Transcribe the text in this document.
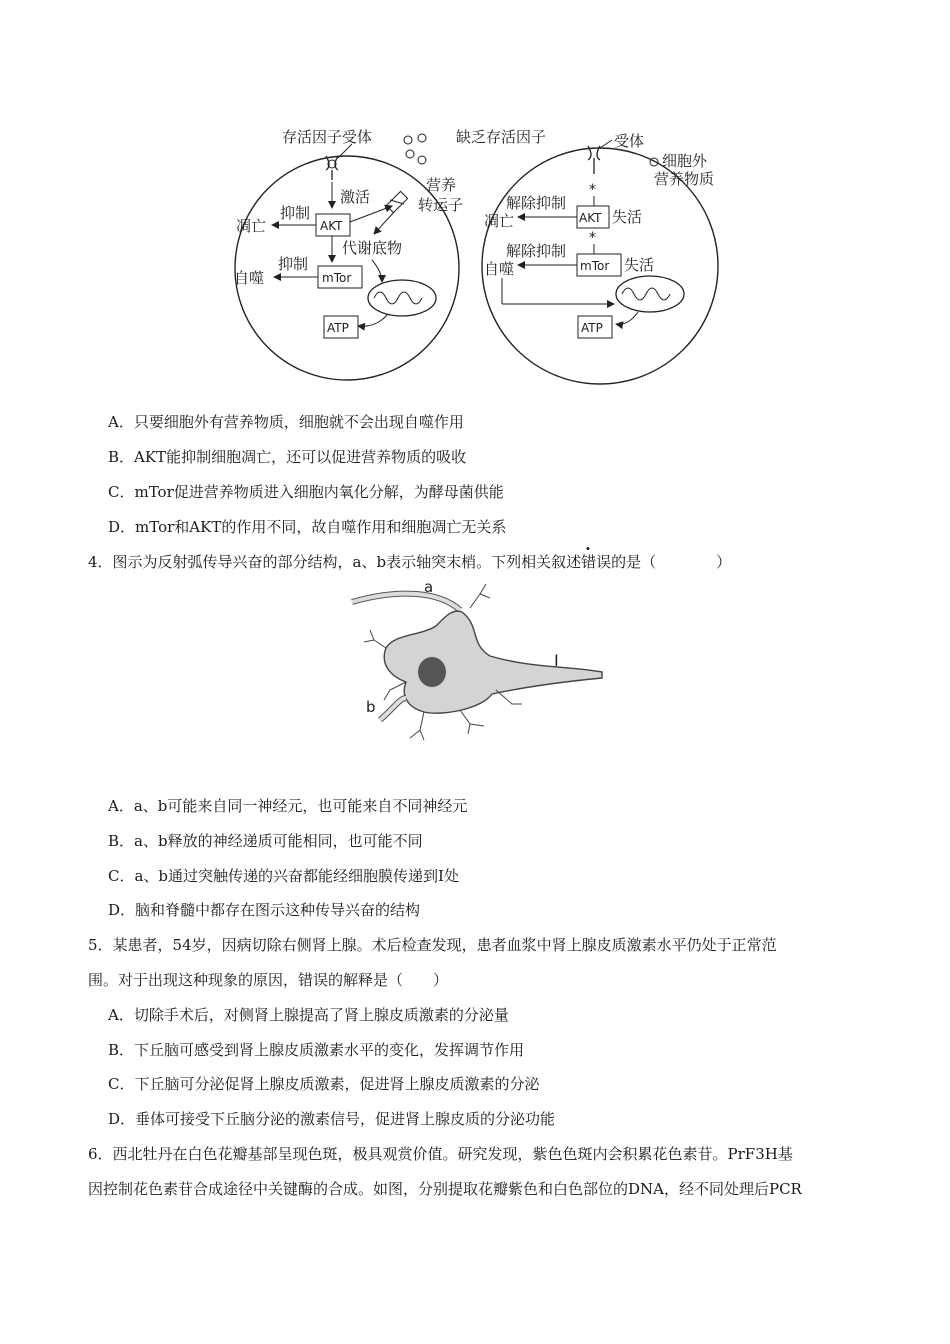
存活因子受体
激活
AKT
抑制
凋亡
mTor
抑制
自噬
营养
转运子
代谢底物
ATP
缺乏存活因子	受体
细胞外
营养物质
*
AKT 失活
解除抑制
凋亡
*
mTor 失活
解除抑制
自噬
ATP
A．只要细胞外有营养物质，细胞就不会出现自噬作用
B．AKT能抑制细胞凋亡，还可以促进营养物质的吸收
C．mTor促进营养物质进入细胞内氧化分解，为酵母菌供能
D．mTor和AKT的作用不同，故自噬作用和细胞凋亡无关系
4．图示为反射弧传导兴奋的部分结构，a、b表示轴突末梢。下列相关叙述错误的是（　　　　）
a
b
I
A．a、b可能来自同一神经元，也可能来自不同神经元
B．a、b释放的神经递质可能相同，也可能不同
C．a、b通过突触传递的兴奋都能经细胞膜传递到Ⅰ处
D．脑和脊髓中都存在图示这种传导兴奋的结构
5．某患者，54岁，因病切除右侧肾上腺。术后检查发现，患者血浆中肾上腺皮质激素水平仍处于正常范
围。对于出现这种现象的原因，错误的解释是（　　）
A．切除手术后，对侧肾上腺提高了肾上腺皮质激素的分泌量
B．下丘脑可感受到肾上腺皮质激素水平的变化，发挥调节作用
C．下丘脑可分泌促肾上腺皮质激素，促进肾上腺皮质激素的分泌
D．垂体可接受下丘脑分泌的激素信号，促进肾上腺皮质的分泌功能
6．西北牡丹在白色花瓣基部呈现色斑，极具观赏价值。研究发现，紫色色斑内会积累花色素苷。PrF3H基
因控制花色素苷合成途径中关键酶的合成。如图，分别提取花瓣紫色和白色部位的DNA，经不同处理后PCR
